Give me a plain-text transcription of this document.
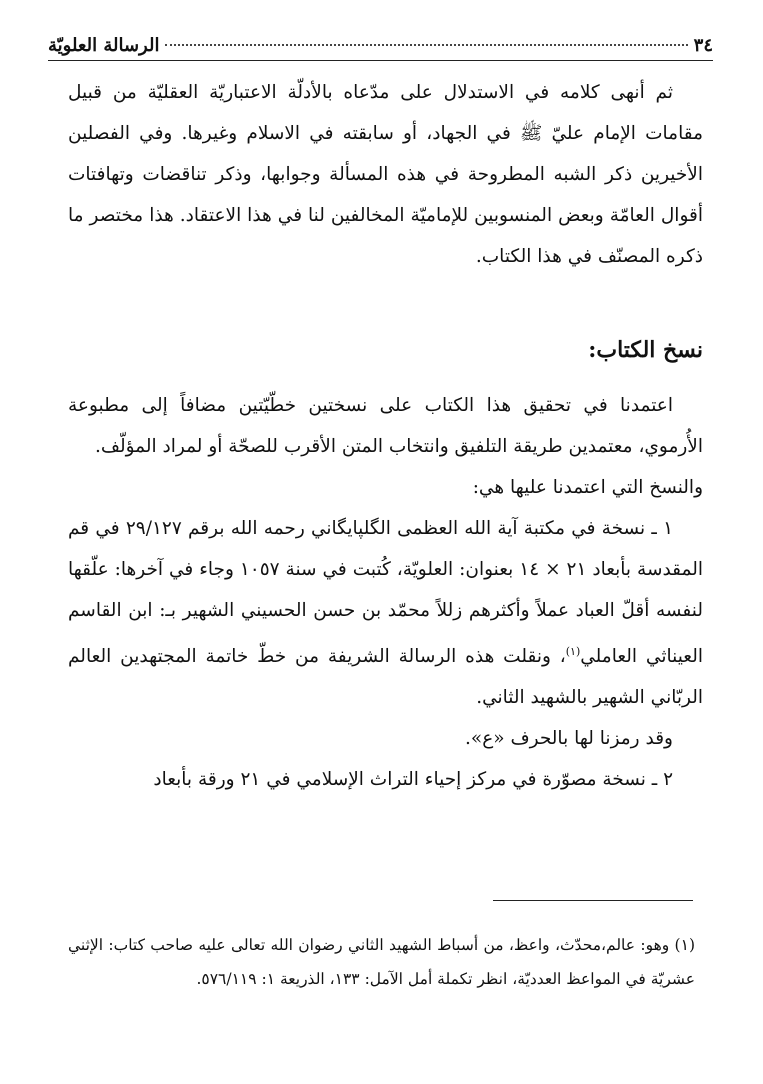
٣٤
الرسالة العلويّة

ثم أنهى كلامه في الاستدلال على مدّعاه بالأدلّة الاعتباريّة العقليّة من قبيل مقامات الإمام عليّ ﷺ في الجهاد، أو سابقته في الاسلام وغيرها. وفي الفصلين الأخيرين ذكر الشبه المطروحة في هذه المسألة وجوابها، وذكر تناقضات وتهافتات أقوال العامّة وبعض المنسوبين للإماميّة المخالفين لنا في هذا الاعتقاد. هذا مختصر ما ذكره المصنّف في هذا الكتاب.

نسخ الكتاب:

اعتمدنا في تحقيق هذا الكتاب على نسختين خطّيّتين مضافاً إلى مطبوعة الأُرموي، معتمدين طريقة التلفيق وانتخاب المتن الأقرب للصحّة أو لمراد المؤلّف.

والنسخ التي اعتمدنا عليها هي:

١ ـ نسخة في مكتبة آية الله العظمى الگلپايگاني رحمه الله برقم ٢٩/١٢٧ في قم المقدسة بأبعاد ٢١ × ١٤ بعنوان: العلويّة، كُتبت في سنة ١٠٥٧ وجاء في آخرها: علّقها لنفسه أقلّ العباد عملاً وأكثرهم زللاً محمّد بن حسن الحسيني الشهير بـ: ابن القاسم العيناثي العاملي$^{(١)}$، ونقلت هذه الرسالة الشريفة من خطّ خاتمة المجتهدين العالم الربّاني الشهير بالشهيد الثاني.

وقد رمزنا لها بالحرف «ع».

٢ ـ نسخة مصوّرة في مركز إحياء التراث الإسلامي في ٢١ ورقة بأبعاد

(١) وهو: عالم،محدّث، واعظ، من أسباط الشهيد الثاني رضوان الله تعالى عليه صاحب كتاب: الإثني عشريّة في المواعظ العدديّة، انظر تكملة أمل الآمل: ١٣٣، الذريعة ١: ٥٧٦/١١٩.
